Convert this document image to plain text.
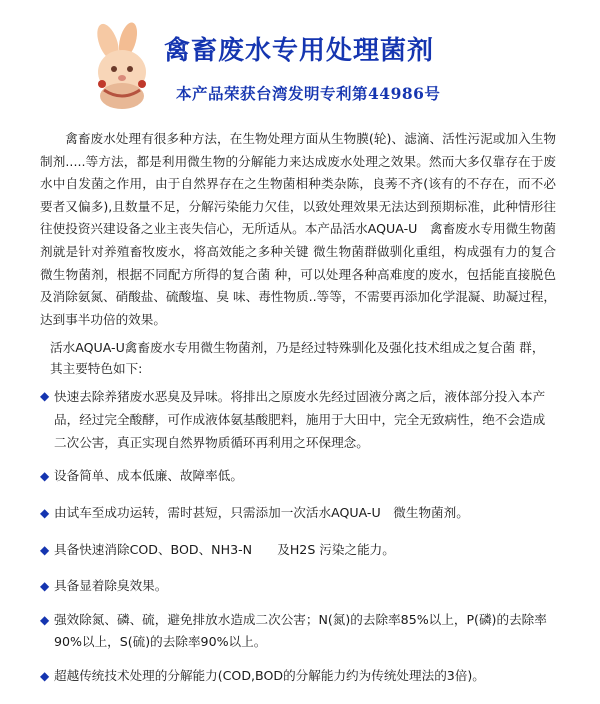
禽畜废水专用处理菌剂
本产品荣获台湾发明专利第44986号

禽畜废水处理有很多种方法，在生物处理方面从生物膜(轮)、滤滴、活性污泥或加入生物制剂.....等方法，都是利用微生物的分解能力来达成废水处理之效果。然而大多仅靠存在于废水中自发菌之作用，由于自然界存在之生物菌相种类杂陈，良莠不齐(该有的不存在，而不必要者又偏多),且数量不足，分解污染能力欠佳，以致处理效果无法达到预期标准，此种情形往往使投资兴建设备之业主丧失信心，无所适从。本产品活水AQUA-U　禽畜废水专用微生物菌剂就是针对养殖畜牧废水，将高效能之多种关键 微生物菌群做驯化重组，构成强有力的复合微生物菌剂，根据不同配方所得的复合菌 种，可以处理各种高难度的废水，包括能直接脱色及消除氨氮、硝酸盐、硫酸塩、臭 味、毒性物质..等等，不需要再添加化学混凝、助凝过程，达到事半功倍的效果。

活水AQUA-U禽畜废水专用微生物菌剂，乃是经过特殊驯化及强化技术组成之复合菌 群，其主要特色如下:

◆ 快速去除养猪废水恶臭及异味。将排出之原废水先经过固液分离之后，液体部分投入本产品，经过完全酸酵，可作成液体氨基酸肥料，施用于大田中，完全无致病性，绝不会造成二次公害，真正实现自然界物质循环再利用之环保理念。
◆ 设备简单、成本低廉、故障率低。
◆ 由试车至成功运转，需时甚短，只需添加一次活水AQUA-U　微生物菌剂。
◆ 具备快速消除COD、BOD、NH3-N　　及H2S 污染之能力。
◆ 具备显着除臭效果。
◆ 强效除氮、磷、硫，避免排放水造成二次公害；N(氮)的去除率85%以上，P(磷)的去除率90%以上，S(硫)的去除率90%以上。
◆ 超越传统技术处理的分解能力(COD,BOD的分解能力约为传统处理法的3倍)。
